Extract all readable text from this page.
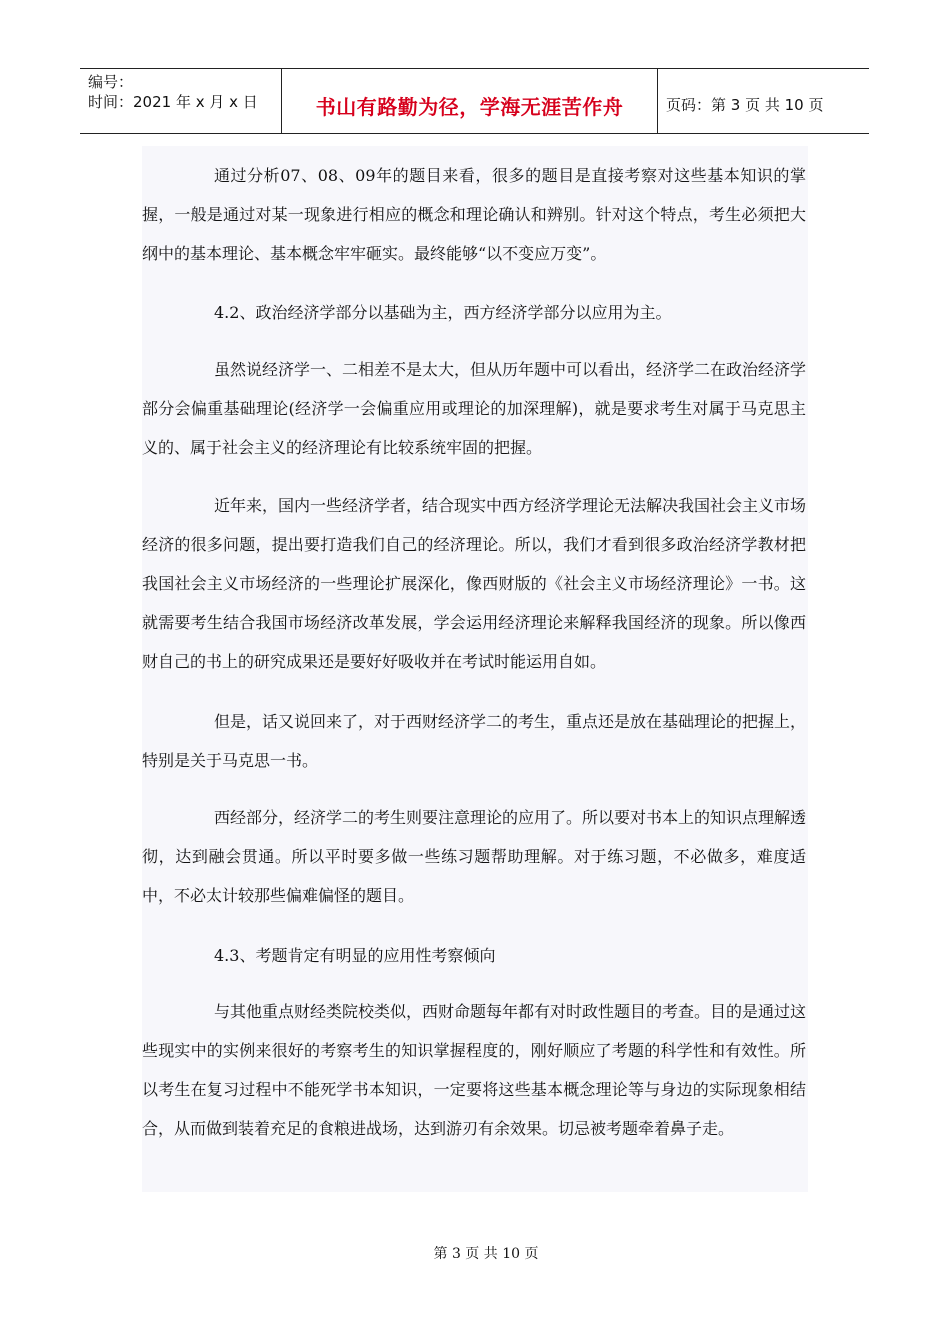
编号：
时间：2021 年 x 月 x 日	书山有路勤为径，学海无涯苦作舟	页码：第 3 页 共 10 页

通过分析07、08、09年的题目来看，很多的题目是直接考察对这些基本知识的掌握，一般是通过对某一现象进行相应的概念和理论确认和辨别。针对这个特点，考生必须把大纲中的基本理论、基本概念牢牢砸实。最终能够“以不变应万变”。

4.2、政治经济学部分以基础为主，西方经济学部分以应用为主。

虽然说经济学一、二相差不是太大，但从历年题中可以看出，经济学二在政治经济学部分会偏重基础理论(经济学一会偏重应用或理论的加深理解)，就是要求考生对属于马克思主义的、属于社会主义的经济理论有比较系统牢固的把握。

近年来，国内一些经济学者，结合现实中西方经济学理论无法解决我国社会主义市场经济的很多问题，提出要打造我们自己的经济理论。所以，我们才看到很多政治经济学教材把我国社会主义市场经济的一些理论扩展深化，像西财版的《社会主义市场经济理论》一书。这就需要考生结合我国市场经济改革发展，学会运用经济理论来解释我国经济的现象。所以像西财自己的书上的研究成果还是要好好吸收并在考试时能运用自如。

但是，话又说回来了，对于西财经济学二的考生，重点还是放在基础理论的把握上，特别是关于马克思一书。

西经部分，经济学二的考生则要注意理论的应用了。所以要对书本上的知识点理解透彻，达到融会贯通。所以平时要多做一些练习题帮助理解。对于练习题，不必做多，难度适中，不必太计较那些偏难偏怪的题目。

4.3、考题肯定有明显的应用性考察倾向

与其他重点财经类院校类似，西财命题每年都有对时政性题目的考查。目的是通过这些现实中的实例来很好的考察考生的知识掌握程度的，刚好顺应了考题的科学性和有效性。所以考生在复习过程中不能死学书本知识，一定要将这些基本概念理论等与身边的实际现象相结合，从而做到装着充足的食粮进战场，达到游刃有余效果。切忌被考题牵着鼻子走。

第 3 页 共 10 页
